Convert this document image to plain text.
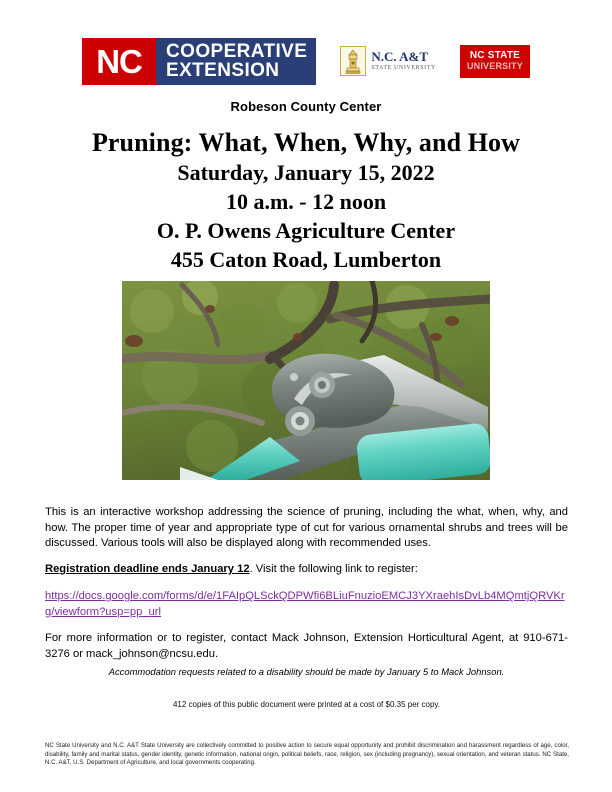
NC COOPERATIVE
EXTENSION
N.C. A&T
STATE UNIVERSITY
NC STATE
UNIVERSITY
Robeson County Center
Pruning: What, When, Why, and How
Saturday, January 15, 2022
10 a.m. - 12 noon
O. P. Owens Agriculture Center
455 Caton Road, Lumberton

This is an interactive workshop addressing the science of pruning, including the what, when, why, and how. The proper time of year and appropriate type of cut for various ornamental shrubs and trees will be discussed. Various tools will also be displayed along with recommended uses.

Registration deadline ends January 12. Visit the following link to register:

https://docs.google.com/forms/d/e/1FAIpQLSckQDPWfi6BLiuFnuzioEMCJ3YXraehIsDvLb4MQmtjQRVKrg/viewform?usp=pp_url

For more information or to register, contact Mack Johnson, Extension Horticultural Agent, at 910-671-3276 or mack_johnson@ncsu.edu.

Accommodation requests related to a disability should be made by January 5 to Mack Johnson.
412 copies of this public document were printed at a cost of $0.35 per copy.
NC State University and N.C. A&T State University are collectively committed to positive action to secure equal opportunity and prohibit discrimination and harassment regardless of age, color, disability, family and marital status, gender identity, genetic information, national origin, political beliefs, race, religion, sex (including pregnancy), sexual orientation, and veteran status. NC State, N.C. A&T, U.S. Department of Agriculture, and local governments cooperating.
